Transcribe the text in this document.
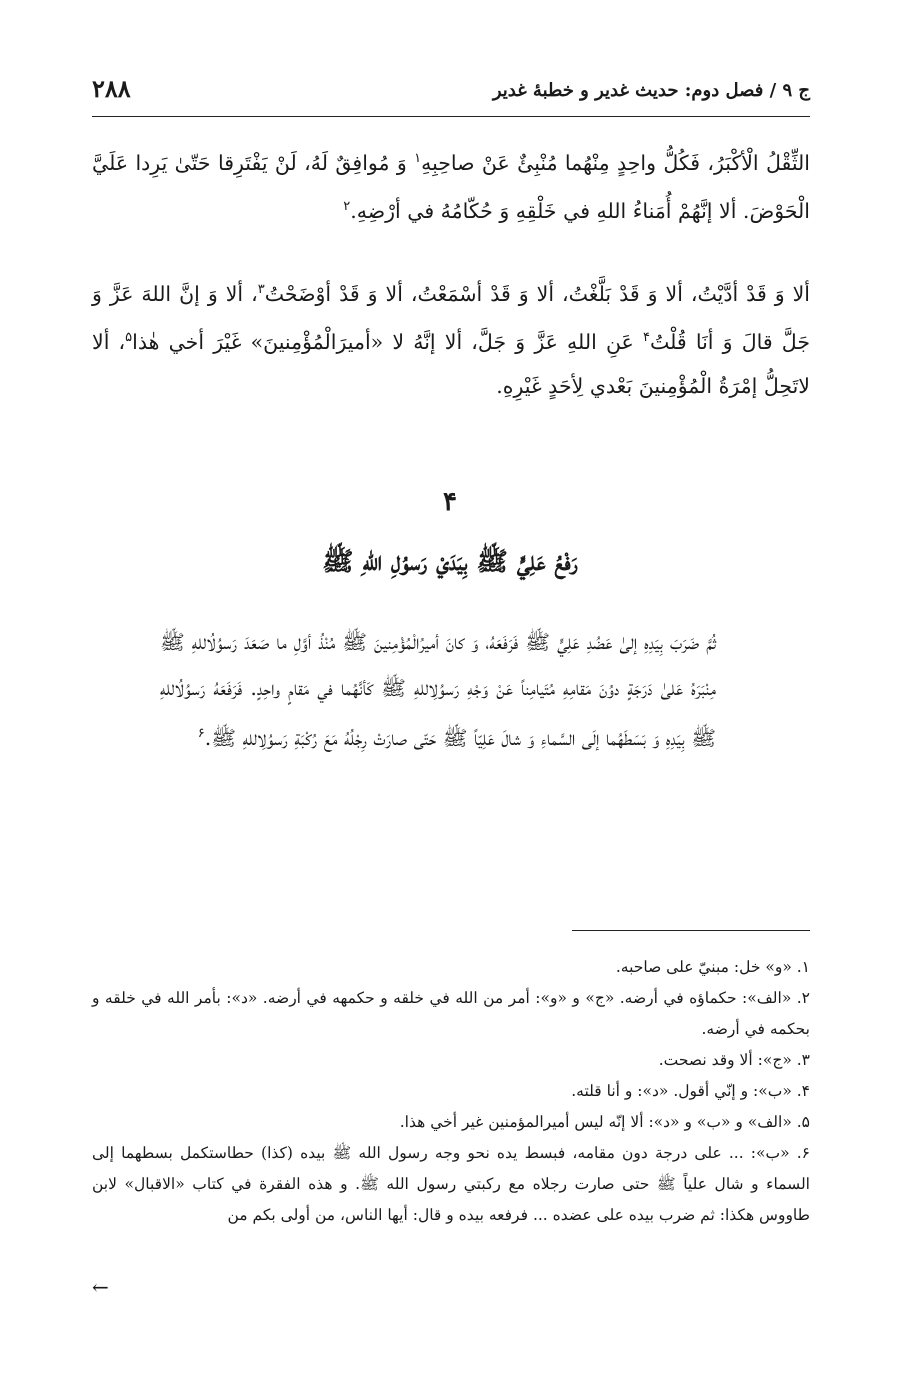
۲۸۸	ج ۹ / فصل دوم: حدیث غدیر و خطبهٔ غدیر

الثِّقْلُ الْأكْبَرُ، فَكُلُّ واحِدٍ مِنْهُما مُنْبِئٌ عَنْ صاحِبِهِ$^١$ وَ مُوافِقٌ لَهُ، لَنْ يَفْتَرِقا حَتّىٰ يَرِدا عَلَيَّ الْحَوْضَ. ألا إنَّهُمْ أُمَناءُ اللهِ في خَلْقِهِ وَ حُكّامُهُ في أرْضِهِ.$^٢$

ألا وَ قَدْ أدَّيْتُ، ألا وَ قَدْ بَلَّغْتُ، ألا وَ قَدْ أسْمَعْتُ، ألا وَ قَدْ أوْضَحْتُ$^٣$، ألا وَ إنَّ اللهَ عَزَّ وَ جَلَّ قالَ وَ أنَا قُلْتُ$^۴$ عَنِ اللهِ عَزَّ وَ جَلَّ، ألا إنَّهُ لا «أميرَالْمُؤْمِنينَ» غَيْرَ أخي هٰذا$^۵$، ألا لاتَحِلُّ إمْرَةُ الْمُؤْمِنينَ بَعْدي لِأحَدٍ غَيْرِهِ.

۴
رَفْعُ عَلِيٍّ ﷺ بِيَدَيْ رَسوُلِ اللهِ ﷺ

ثُمَّ ضَرَبَ بِيَدِهِ إلىٰ عَضُدِ عَلِيٍّ ﷺ فَرَفَعَهُ، وَ كانَ أميرُالْمُؤْمِنينَ ﷺ مُنْذُ أوَّلِ ما صَعَدَ رَسوُلُاللهِ ﷺ مِنْبَرَهُ عَلىٰ دَرَجَةٍ دوُنَ مَقامِهِ مُتَيامِناً عَنْ وَجْهِ رَسوُلِاللهِ ﷺ كَأنَّهُما في مَقامٍ واحِدٍ. فَرَفَعَهُ رَسوُلُاللهِ ﷺ بِيَدِهِ وَ بَسَطَهُما إلَى السَّماءِ وَ شالَ عَلِيّاً ﷺ حَتّى صارَتْ رِجْلُهُ مَعَ رُكْبَةِ رَسوُلِاللهِ ﷺ.$^۶$

١. «و» خل: مبنيّ على صاحبه.

٢. «الف»: حكماؤه في أرضه. «ج» و «و»: أمر من الله في خلقه و حكمهه في أرضه. «د»: بأمر الله في خلقه و بحكمه في أرضه.

٣. «ج»: ألا وقد نصحت.

۴. «ب»: و إنّي أقول. «د»: و أنا قلته.

۵. «الف» و «ب» و «د»: ألا إنّه ليس أميرالمؤمنين غير أخي هذا.

۶. «ب»: ... على درجة دون مقامه، فبسط يده نحو وجه رسول الله ﷺ بيده (كذا) حطاستكمل بسطهما إلى السماء و شال علياً ﷺ حتى صارت رجلاه مع ركبتي رسول الله ﷺ. و هذه الفقرة في كتاب «الاقبال» لابن طاووس هكذا: ثم ضرب بيده على عضده ... فرفعه بيده و قال: أيها الناس، من أولى بكم من

←
